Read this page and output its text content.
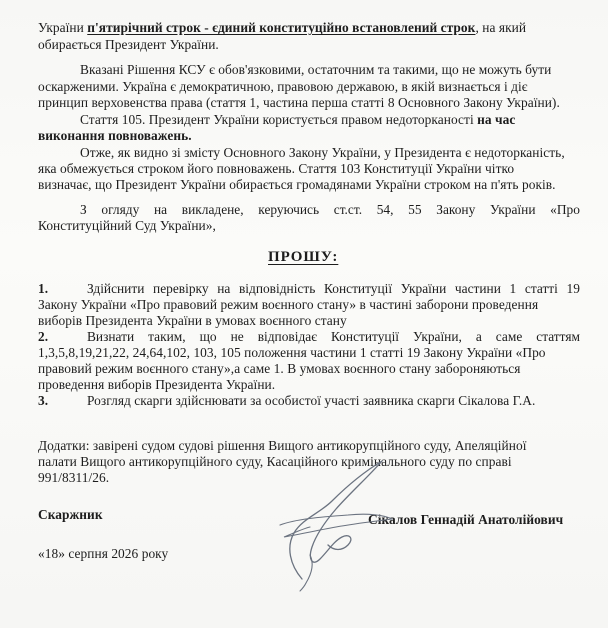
України п'ятирічний строк - єдиний конституційно встановлений строк, на який
обирається Президент України.
Вказані Рішення КСУ є обов'язковими, остаточним та такими, що не можуть бути
оскарженими. Україна є демократичною, правовою державою, в якій визнається і діє
принцип верховенства права (стаття 1, частина перша статті 8 Основного Закону України).
Стаття 105. Президент України користується правом недоторканості на час
виконання повноважень.
Отже, як видно зі змісту Основного Закону України, у Президента є недоторканість,
яка обмежується строком його повноважень. Стаття 103 Конституції України чітко
визначає, що Президент України обирається громадянами України строком на п'ять років.
З огляду на викладене, керуючись ст.ст. 54, 55 Закону України «Про
Конституційний Суд України»,
ПРОШУ:
1.	Здійснити перевірку на відповідність Конституції України частини 1 статті 19
Закону України «Про правовий режим воєнного стану» в частині заборони проведення
виборів Президента України в умовах воєнного стану
2.	Визнати таким, що не відповідає Конституції України, а саме статтям
1,3,5,8,19,21,22, 24,64,102, 103, 105 положення частини 1 статті 19 Закону України «Про
правовий режим воєнного стану»,а саме 1. В умовах воєнного стану забороняються
проведення виборів Президента України.
3.	Розгляд скарги здійснювати за особистої участі заявника скарги Сікалова Г.А.
Додатки: завірені судом судові рішення Вищого антикорупційного суду, Апеляційної
палати Вищого антикорупційного суду, Касаційного кримінального суду по справі
991/8311/26.
Скаржник	Сікалов Геннадій Анатолійович
«18» серпня 2026 року
